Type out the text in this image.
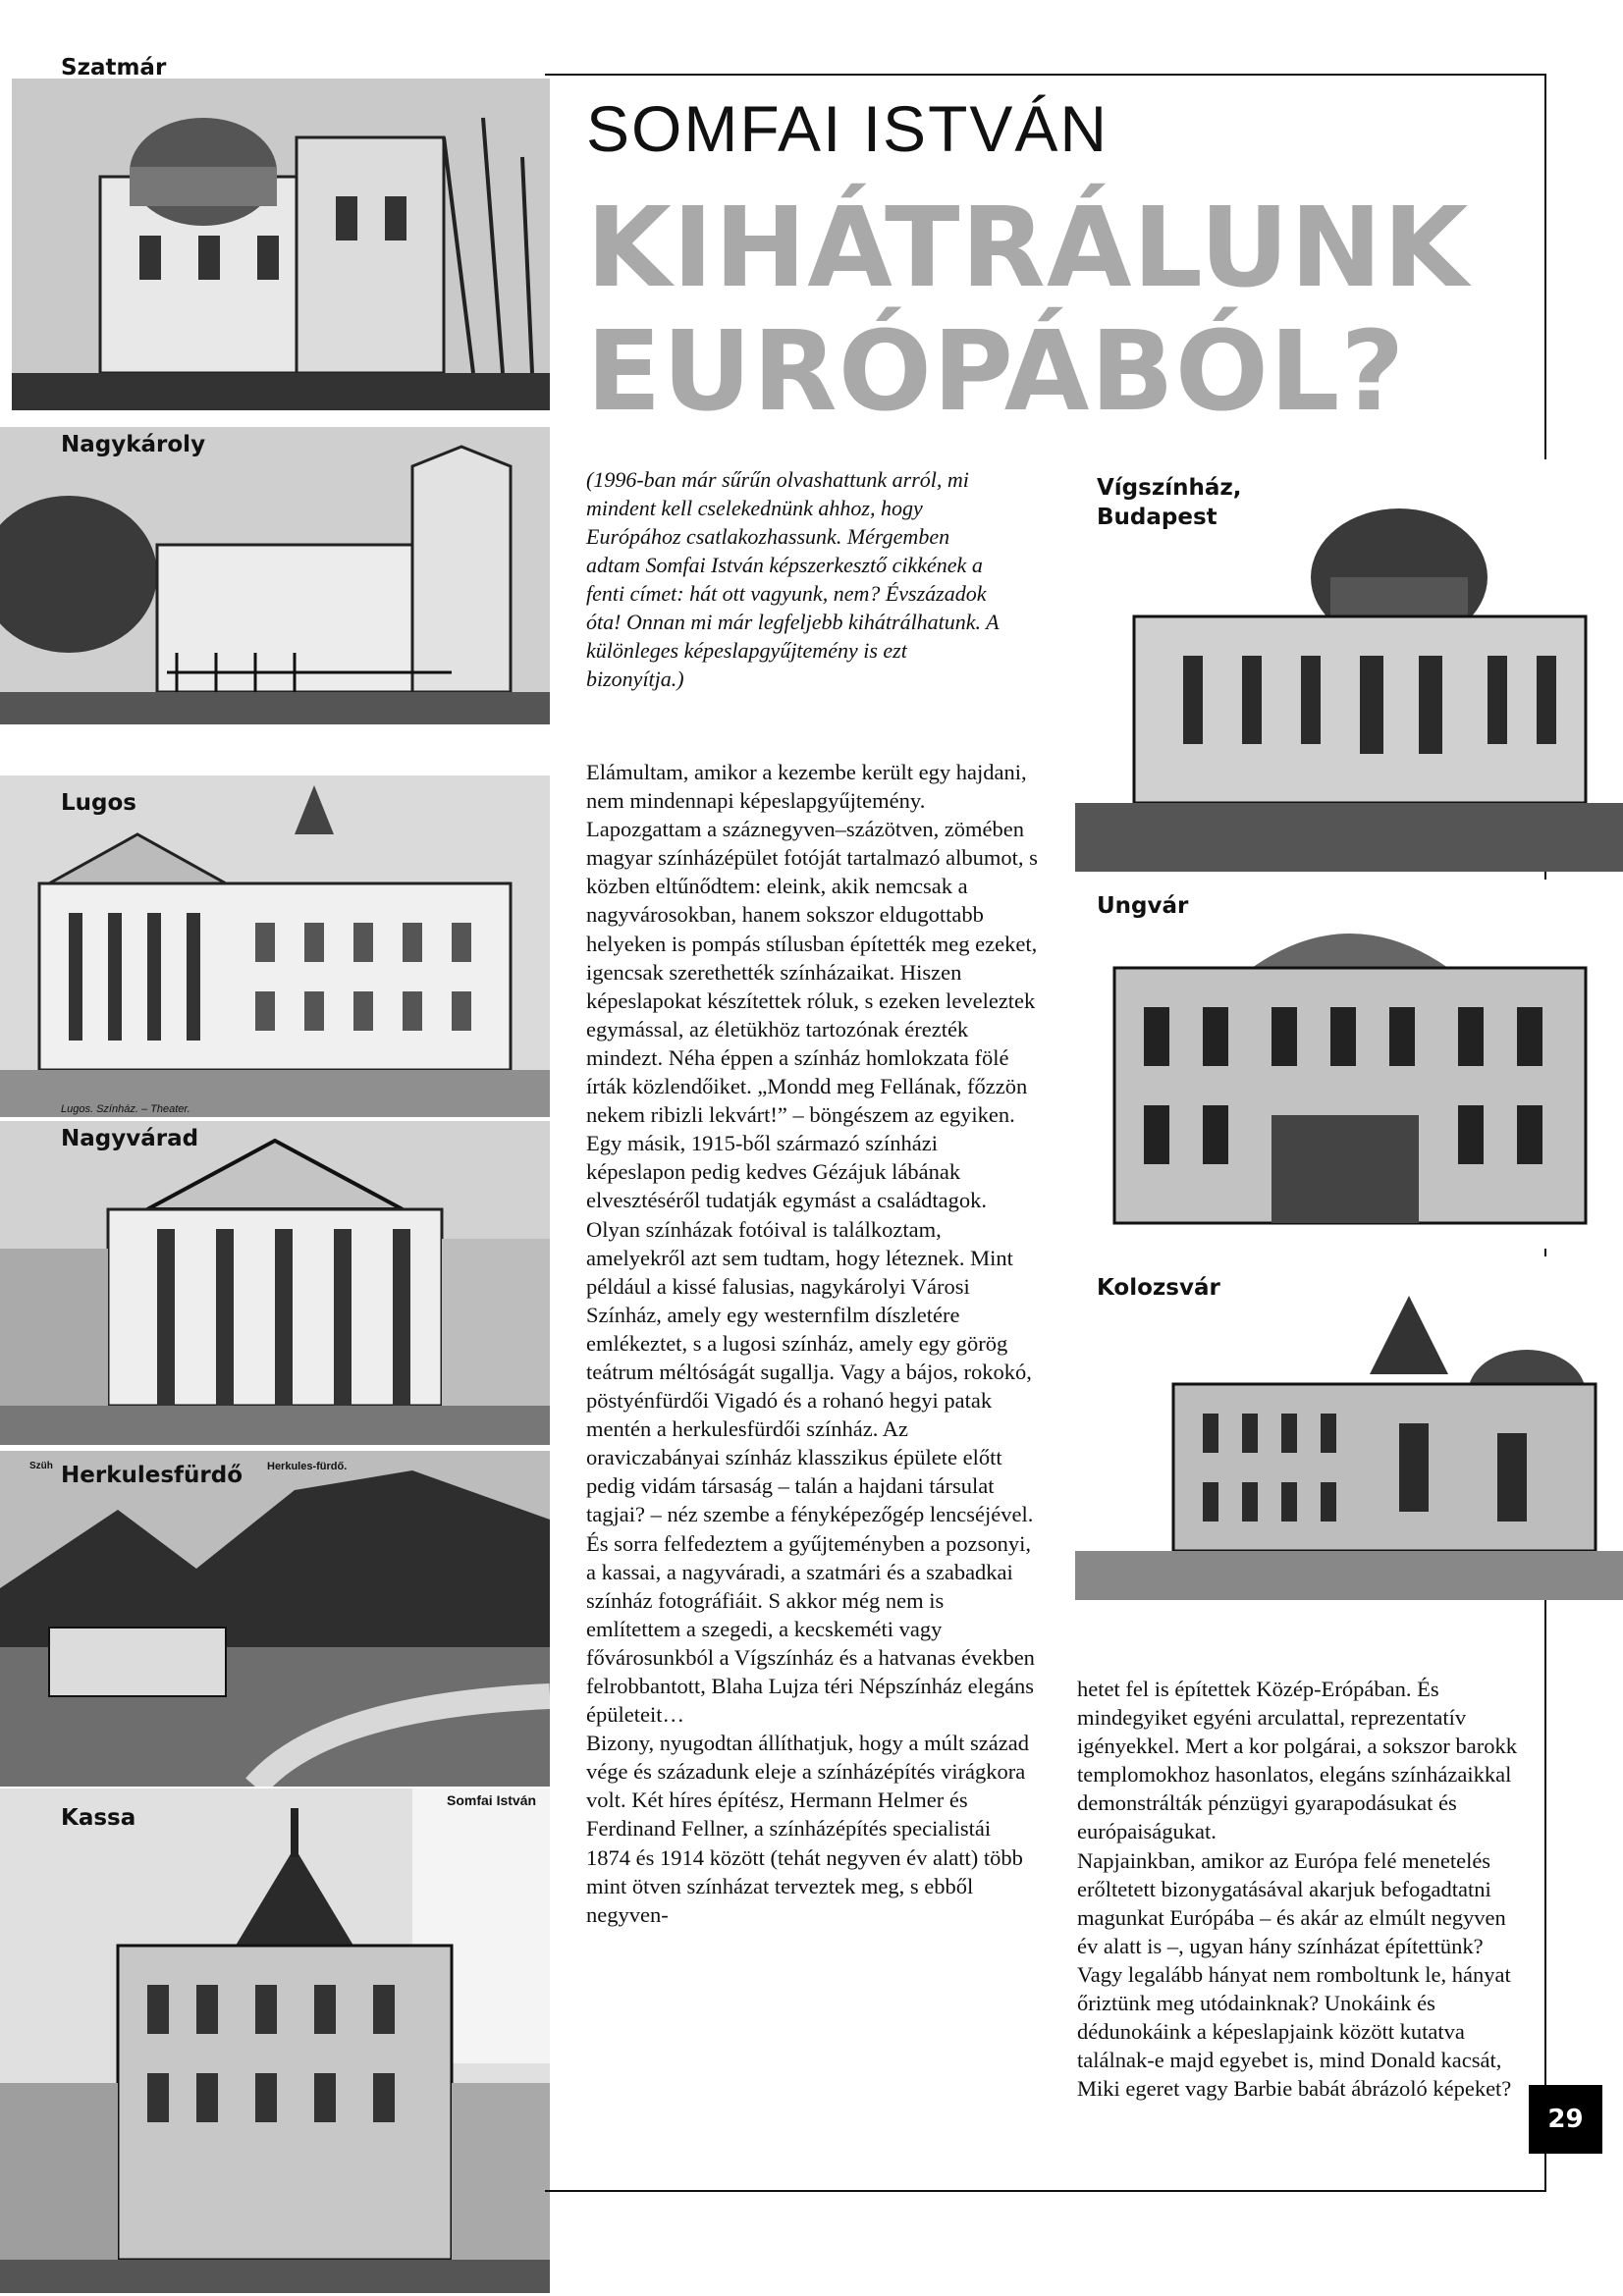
Szatmár
Nagykároly
Lugos
Lugos. Színház. – Theater.
Nagyvárad
Herkulesfürdő
Szüh	Herkules-fürdő.
Kassa
Somfai István
SOMFAI ISTVÁN
KIHÁTRÁLUNK
EURÓPÁBÓL?
Vígszínház,
Budapest
Ungvár
Kolozsvár
(1996-ban már sűrűn olvashattunk arról, mi mindent kell cselekednünk ahhoz, hogy Európához csatlakozhassunk. Mérgemben adtam Somfai István képszerkesztő cikkének a fenti címet: hát ott vagyunk, nem? Évszázadok óta! Onnan mi már legfeljebb kihátrálhatunk. A különleges képeslapgyűjtemény is ezt bizonyítja.)
Elámultam, amikor a kezembe került egy hajdani, nem mindennapi képeslapgyűjtemény. Lapozgattam a száznegyven–százötven, zömében magyar színházépület fotóját tartalmazó albumot, s közben eltűnődtem: eleink, akik nemcsak a nagyvárosokban, hanem sokszor eldugottabb helyeken is pompás stílusban építették meg ezeket, igencsak szerethették színházaikat. Hiszen képeslapokat készítettek róluk, s ezeken leveleztek egymással, az életükhöz tartozónak érezték mindezt. Néha éppen a színház homlokzata fölé írták közlendőiket. „Mondd meg Fellának, főzzön nekem ribizli lekvárt!” – böngészem az egyiken. Egy másik, 1915-ből származó színházi képeslapon pedig kedves Gézájuk lábának elvesztéséről tudatják egymást a családtagok.
Olyan színházak fotóival is találkoztam, amelyekről azt sem tudtam, hogy léteznek. Mint például a kissé falusias, nagykárolyi Városi Színház, amely egy westernfilm díszletére emlékeztet, s a lugosi színház, amely egy görög teátrum méltóságát sugallja. Vagy a bájos, rokokó, pöstyénfürdői Vigadó és a rohanó hegyi patak mentén a herkulesfürdői színház. Az oraviczabányai színház klasszikus épülete előtt pedig vidám társaság – talán a hajdani társulat tagjai? – néz szembe a fényképezőgép lencséjével. És sorra felfedeztem a gyűjteményben a pozsonyi, a kassai, a nagyváradi, a szatmári és a szabadkai színház fotográfiáit. S akkor még nem is említettem a szegedi, a kecskeméti vagy fővárosunkból a Vígszínház és a hatvanas években felrobbantott, Blaha Lujza téri Népszínház elegáns épületeit…
Bizony, nyugodtan állíthatjuk, hogy a múlt század vége és századunk eleje a színházépítés virágkora volt. Két híres építész, Hermann Helmer és Ferdinand Fellner, a színházépítés specialistái 1874 és 1914 között (tehát negyven év alatt) több mint ötven színházat terveztek meg, s ebből negyven-
hetet fel is építettek Közép-Erópában. És mindegyiket egyéni arculattal, reprezentatív igényekkel. Mert a kor polgárai, a sokszor barokk templomokhoz hasonlatos, elegáns színházaikkal demonstrálták pénzügyi gyarapodásukat és európaiságukat.
Napjainkban, amikor az Európa felé menetelés erőltetett bizonygatásával akarjuk befogadtatni magunkat Európába – és akár az elmúlt negyven év alatt is –, ugyan hány színházat építettünk? Vagy legalább hányat nem romboltunk le, hányat őriztünk meg utódainknak? Unokáink és dédunokáink a képeslapjaink között kutatva találnak-e majd egyebet is, mind Donald kacsát, Miki egeret vagy Barbie babát ábrázoló képeket?
29
